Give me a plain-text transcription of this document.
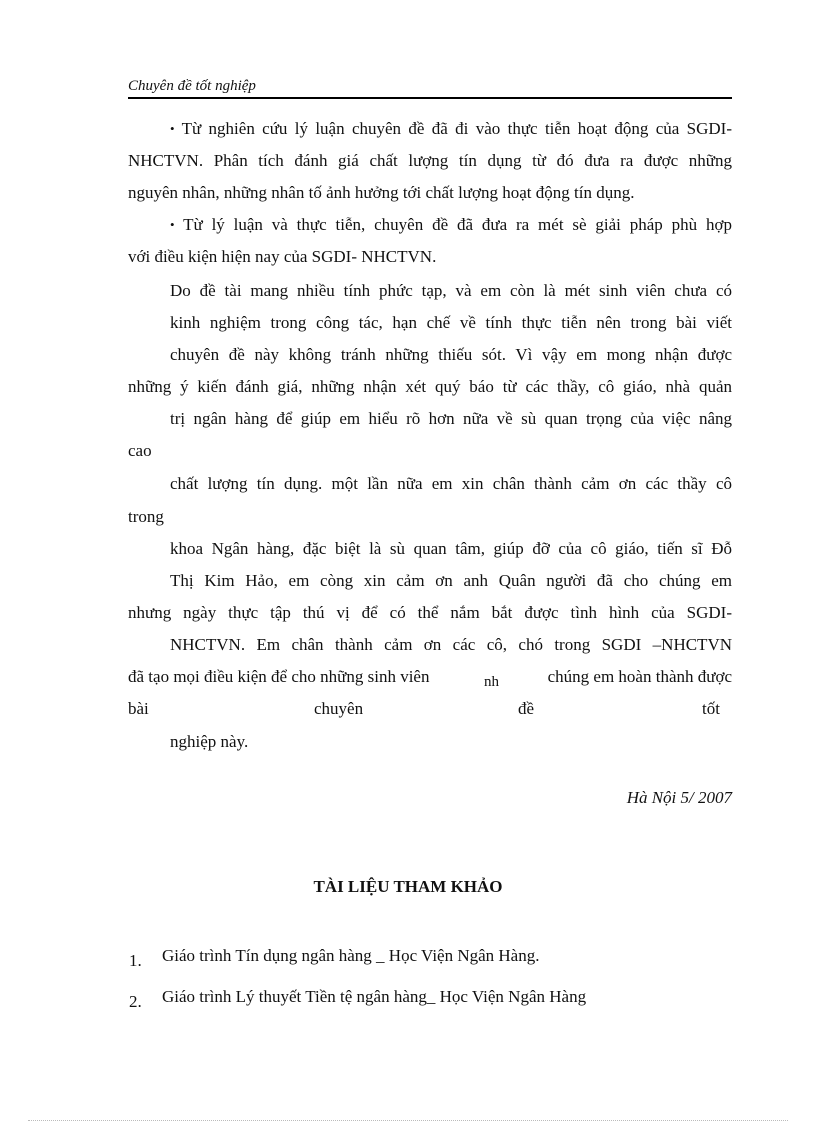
Chuyên đề tốt nghiệp
• Từ nghiên cứu lý luận chuyên đề đã đi vào thực tiễn hoạt động của SGDI-
NHCTVN. Phân tích đánh giá chất lượng tín dụng từ đó đưa ra được những
nguyên nhân, những nhân tố ảnh hưởng tới chất lượng hoạt động tín dụng.
• Từ lý luận và thực tiễn, chuyên đề đã đưa ra mét sè giải pháp phù hợp
với điều kiện hiện nay của SGDI- NHCTVN.
Do đề tài mang nhiều tính phức tạp, và em còn là mét sinh viên chưa có
kinh nghiệm trong công tác, hạn chế về tính thực tiễn nên trong bài viết
chuyên đề này không tránh những thiếu sót. Vì vậy em mong nhận được
những ý kiến đánh giá, những nhận xét quý báo từ các thầy, cô giáo, nhà quản
trị ngân hàng để giúp em hiểu rõ hơn nữa về sù quan trọng của việc nâng
cao
chất lượng tín dụng. một lần nữa em xin chân thành cảm ơn các thầy cô
trong
khoa Ngân hàng, đặc biệt là sù quan tâm, giúp đỡ của cô giáo, tiến sĩ Đỗ
Thị Kim Hảo, em còng xin cảm ơn anh Quân người đã cho chúng em
nhưng ngày thực tập thú vị để có thể nắm bắt được tình hình của SGDI-
NHCTVN. Em chân thành cảm ơn các cô, chó trong SGDI –NHCTVN
đã tạo mọi điều kiện để cho những sinh viên	nh	chúng em hoàn thành được
bài	chuyên	đề	tốt
nghiệp này.
Hà Nội 5/ 2007
TÀI LIỆU THAM KHẢO
1. Giáo trình Tín dụng ngân hàng _ Học Viện Ngân Hàng.
2. Giáo trình Lý thuyết Tiền tệ ngân hàng_ Học Viện Ngân Hàng
